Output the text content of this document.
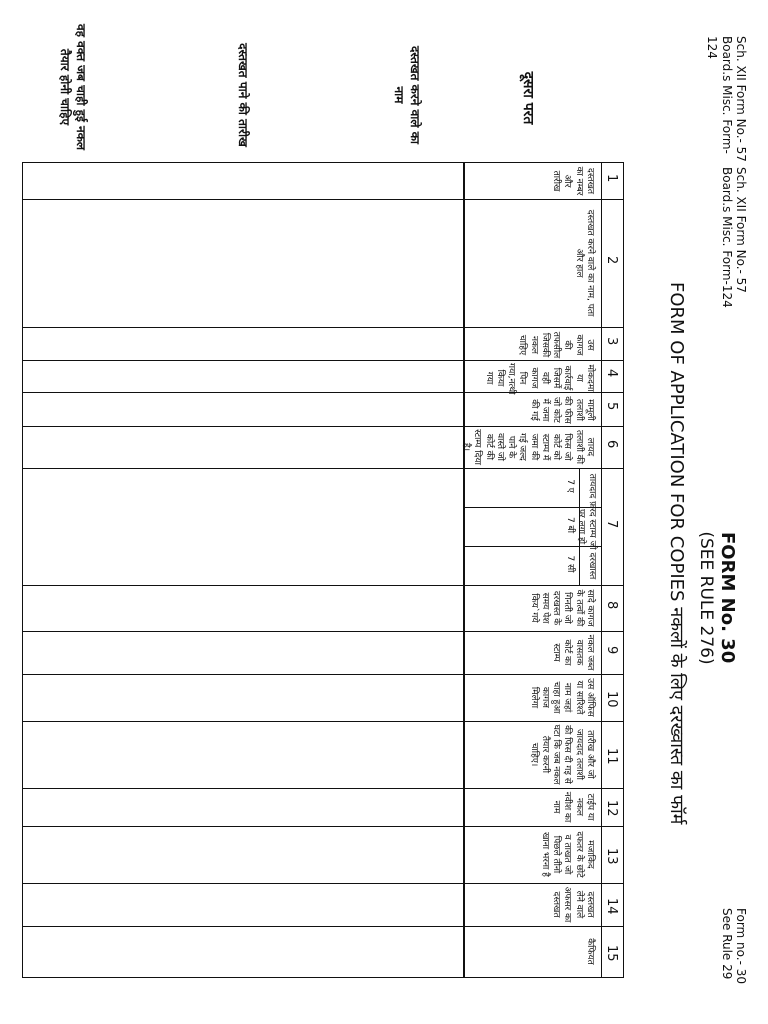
Sch. XII Form No.- 57
Board.s Misc. Form-
124
Sch. XII Form No.- 57
Board.s Misc. Form-124
Form no.- 30
See Rule 29
FORM No. 30
(SEE RULE 276)
FORM OF APPLICATION FOR COPIES नकलों के लिए दरख्वास्त का फॉर्म
दूसरा परत
दस्तखत करने वाले का नाम
दस्तखत पाने की तारीख
वह वक्त जब चाही हुई नकल तैयार होनी चाहिए
1
दस्तखत का नम्बर और तारीख
2
दस्तखत करने वाले का नाम, पता और हाल
3
उस कागज की तफसील जिसकी नकल चाहिए
4
मोकदमा या कार्रवाई जिसमें वही कागज पिन गया,नत्थी किया गया
5
मामूली तलाशी की फीस जो कोट में जमा की गई
6
लायद तलाशी की फिस जो कोर्ट को स्टाम्प में जमा की गई जल्द पाने के वास्ते जो कोर्ट की स्टाम्प दिया है।
7
8
सादे कागज के तत्वों की गिनती जो दरखस्त के समय पेश किय`गये
9
नकल जब्त वासतक कोर्ट का स्टाम्प
10
उस ऑफिस या सारिश्ते नाम जहां चाहा हुआ कागज मिलेगा
11
तारीख और जो जायदाद तलाशी की फिस दी गइ से घटा कि जब नकल तैयार करनी चाहिए।
12
टाईप या नकल नवीश का नाम
13
मजाकिद दफतर के छोटे व ताखत जो पिछले तीनो खाना भरना है
14
दस्तखत लेने वाले अफसर का दस्तखत
15
कैफियत
तायदाद फ़रद स्टाम्प जो दरखास्त पर लगा हो
7 ए
7 बी
7 सी
